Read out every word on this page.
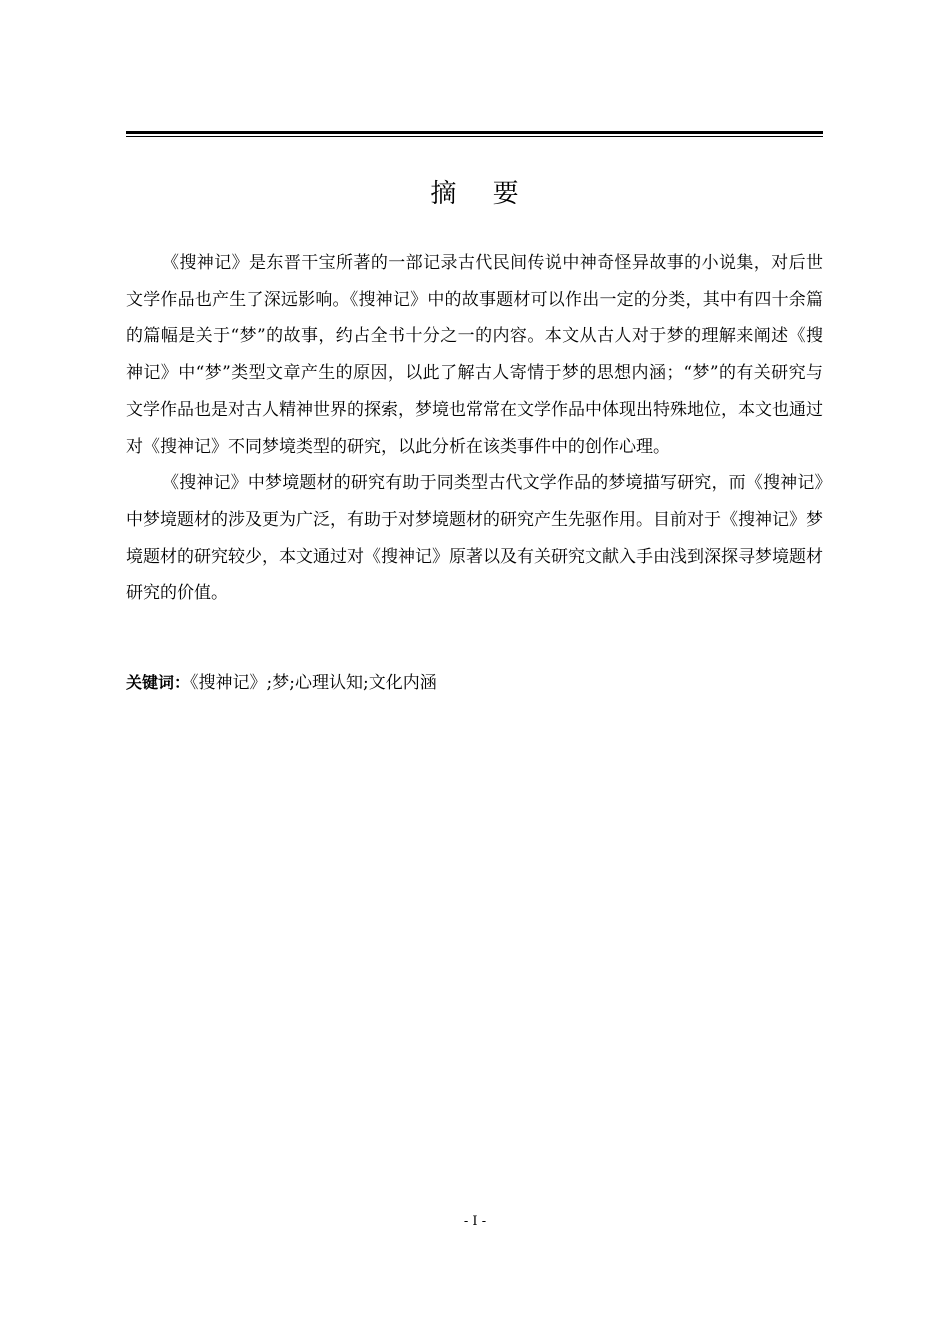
摘 要

《搜神记》是东晋干宝所著的一部记录古代民间传说中神奇怪异故事的小说集，对后世文学作品也产生了深远影响。《搜神记》中的故事题材可以作出一定的分类，其中有四十余篇的篇幅是关于“梦”的故事，约占全书十分之一的内容。本文从古人对于梦的理解来阐述《搜神记》中“梦”类型文章产生的原因，以此了解古人寄情于梦的思想内涵；“梦”的有关研究与文学作品也是对古人精神世界的探索，梦境也常常在文学作品中体现出特殊地位，本文也通过对《搜神记》不同梦境类型的研究，以此分析在该类事件中的创作心理。

《搜神记》中梦境题材的研究有助于同类型古代文学作品的梦境描写研究，而《搜神记》中梦境题材的涉及更为广泛，有助于对梦境题材的研究产生先驱作用。目前对于《搜神记》梦境题材的研究较少，本文通过对《搜神记》原著以及有关研究文献入手由浅到深探寻梦境题材研究的价值。

关键词：《搜神记》;梦;心理认知;文化内涵
- I -
